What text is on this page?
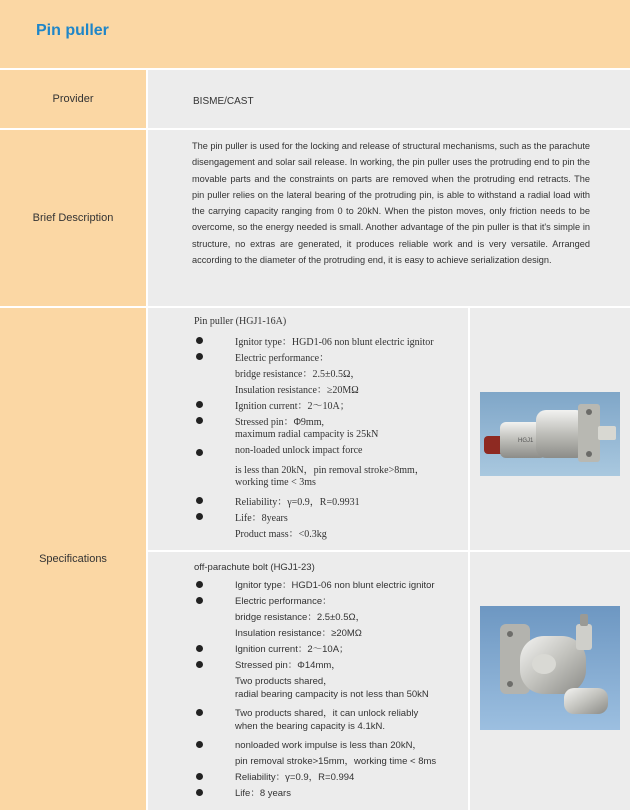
Pin puller
Provider	BISME/CAST
Brief Description
The pin puller is used for the locking and release of structural mechanisms, such as the parachute disengagement and solar sail release. In working, the pin puller uses the protruding end to pin the movable parts and the constraints on parts are removed when the protruding end retracts. The pin puller relies on the lateral bearing of the protruding pin, is able to withstand a radial load with the carrying capacity ranging from 0 to 20kN. When the piston moves, only friction needs to be overcome, so the energy needed is small. Another advantage of the pin puller is that it's simple in structure, no extras are generated, it produces reliable work and is very versatile. Arranged according to the diameter of the protruding end, it is easy to achieve serialization design.
Specifications
Pin puller (HGJ1-16A)
Ignitor type：HGD1-06 non blunt electric ignitor
Electric performance：
bridge resistance：2.5±0.5Ω，
Insulation resistance：≥20MΩ
Ignition current：2～10A；
Stressed pin：Φ9mm,
maximum radial campacity is 25kN
non-loaded unlock impact force
is less than 20kN，pin removal stroke>8mm，
working time < 3ms
Reliability：γ=0.9，R=0.9931
Life：8years
Product mass：<0.3kg
HGJ1
off-parachute bolt (HGJ1-23)
Ignitor type：HGD1-06 non blunt electric ignitor
Electric performance：
bridge resistance：2.5±0.5Ω，
Insulation resistance：≥20MΩ
Ignition current：2～10A；
Stressed pin：Φ14mm，
Two products shared，
radial bearing campacity is not less than 50kN
Two products shared，it can unlock reliably
when the bearing capacity is 4.1kN.
nonloaded work impulse is less than 20kN，
pin removal stroke>15mm，working time < 8ms
Reliability：γ=0.9，R=0.994
Life：8 years
